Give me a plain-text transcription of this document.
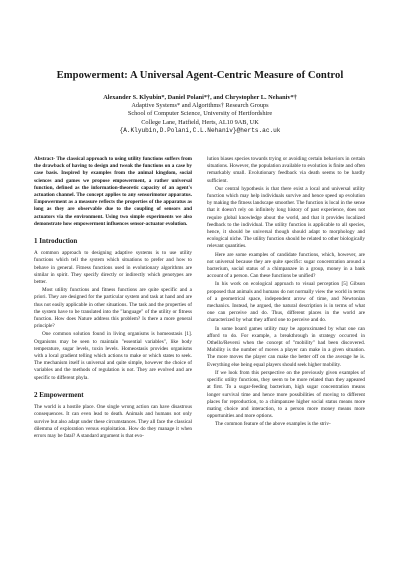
Empowerment: A Universal Agent-Centric Measure of Control
Alexander S. Klyubin*, Daniel Polani*†, and Chrystopher L. Nehaniv*†
Adaptive Systems* and Algorithms† Research Groups
School of Computer Science, University of Hertfordshire
College Lane, Hatfield, Herts, AL10 9AB, UK
{A.Klyubin,D.Polani,C.L.Nehaniv}@herts.ac.uk

Abstract- The classical approach to using utility functions suffers from the drawback of having to design and tweak the functions on a case by case basis. Inspired by examples from the animal kingdom, social sciences and games we propose empowerment, a rather universal function, defined as the information-theoretic capacity of an agent's actuation channel. The concept applies to any sensorimotor apparatus. Empowerment as a measure reflects the properties of the apparatus as long as they are observable due to the coupling of sensors and actuators via the environment. Using two simple experiments we also demonstrate how empowerment influences sensor-actuator evolution.

1 Introduction

A common approach to designing adaptive systems is to use utility functions which tell the system which situations to prefer and how to behave in general. Fitness functions used in evolutionary algorithms are similar in spirit. They specify directly or indirectly which genotypes are better.

Most utility functions and fitness functions are quite specific and a priori. They are designed for the particular system and task at hand and are thus not easily applicable in other situations. The task and the properties of the system have to be translated into the "language" of the utility or fitness function. How does Nature address this problem? Is there a more general principle?

One common solution found in living organisms is homeostasis [1]. Organisms may be seen to maintain "essential variables", like body temperature, sugar levels, toxin levels. Homeostasis provides organisms with a local gradient telling which actions to make or which states to seek. The mechanism itself is universal and quite simple, however the choice of variables and the methods of regulation is not. They are evolved and are specific to different phyla.

2 Empowerment

The world is a hostile place. One single wrong action can have disastrous consequences. It can even lead to death. Animals and humans not only survive but also adapt under these circumstances. They all face the classical dilemma of exploration versus exploitation. How do they manage it when errors may be fatal? A standard argument is that evo-

lution biases species towards trying or avoiding certain behaviors in certain situations. However, the population available to evolution is finite and often remarkably small. Evolutionary feedback via death seems to be hardly sufficient.

Our central hypothesis is that there exist a local and universal utility function which may help individuals survive and hence speed up evolution by making the fitness landscape smoother. The function is local in the sense that it doesn't rely on infinitely long history of past experience, does not require global knowledge about the world, and that it provides localized feedback to the individual. The utility function is applicable to all species, hence, it should be universal though should adapt to morphology and ecological niche. The utility function should be related to other biologically relevant quantities.

Here are some examples of candidate functions, which, however, are not universal because they are quite specific: sugar concentration around a bacterium, social status of a chimpanzee in a group, money in a bank account of a person. Can these functions be unified?

In his work on ecological approach to visual perception [5] Gibson proposed that animals and humans do not normally view the world in terms of a geometrical space, independent arrow of time, and Newtonian mechanics. Instead, he argued, the natural description is in terms of what one can perceive and do. Thus, different places in the world are characterized by what they afford one to perceive and do.

In some board games utility may be approximated by what one can afford to do. For example, a breakthrough in strategy occurred in Othello/Reversi when the concept of "mobility" had been discovered. Mobility is the number of moves a player can make in a given situation. The more moves the player can make the better off on the average he is. Everything else being equal players should seek higher mobility.

If we look from this perspective on the previously given examples of specific utility functions, they seem to be more related than they appeared at first. To a sugar-feeding bacterium, high sugar concentration means longer survival time and hence more possibilities of moving to different places for reproduction, to a chimpanzee higher social status means more mating choice and interaction, to a person more money means more opportunities and more options.

The common feature of the above examples is the striv-
